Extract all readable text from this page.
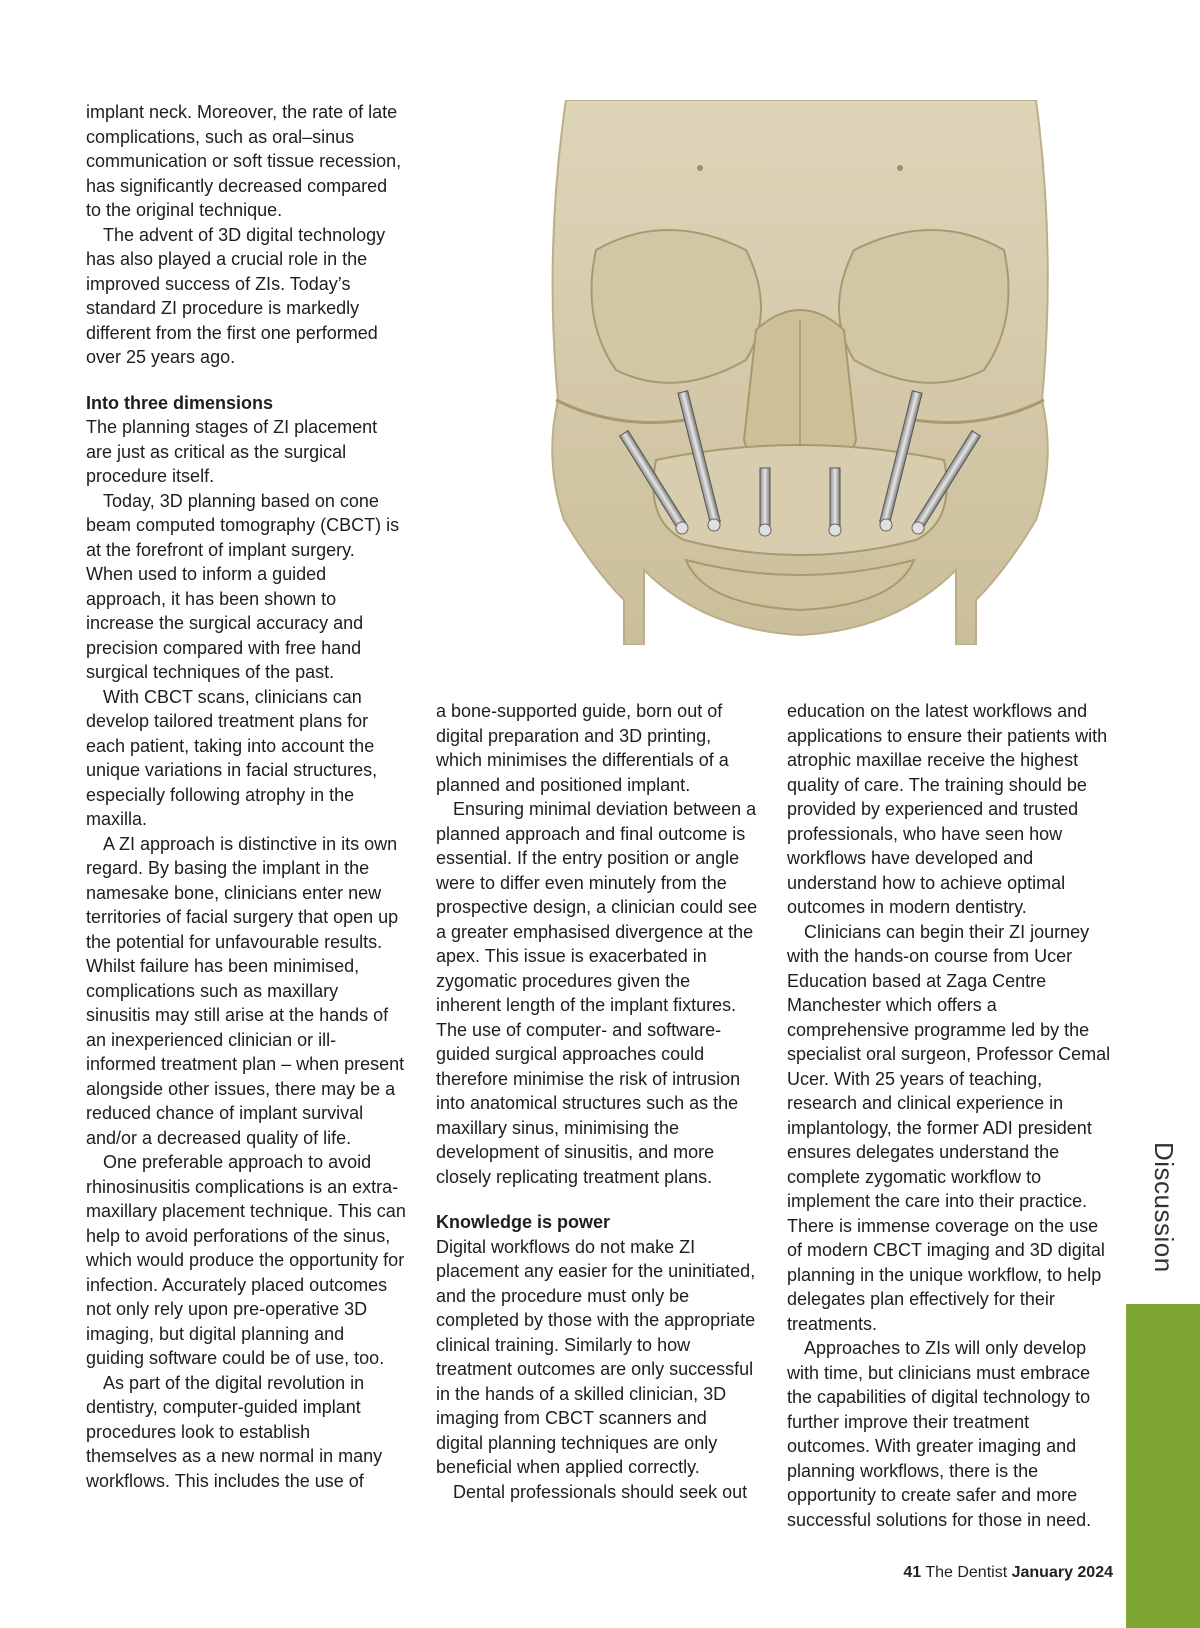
implant neck. Moreover, the rate of late complications, such as oral–sinus communication or soft tissue recession, has significantly decreased compared to the original technique.

The advent of 3D digital technology has also played a crucial role in the improved success of ZIs. Today’s standard ZI procedure is markedly different from the first one performed over 25 years ago.

Into three dimensions

The planning stages of ZI placement are just as critical as the surgical procedure itself.

Today, 3D planning based on cone beam computed tomography (CBCT) is at the forefront of implant surgery. When used to inform a guided approach, it has been shown to increase the surgical accuracy and precision compared with free hand surgical techniques of the past.

With CBCT scans, clinicians can develop tailored treatment plans for each patient, taking into account the unique variations in facial structures, especially following atrophy in the maxilla.

A ZI approach is distinctive in its own regard. By basing the implant in the namesake bone, clinicians enter new territories of facial surgery that open up the potential for unfavourable results. Whilst failure has been minimised, complications such as maxillary sinusitis may still arise at the hands of an inexperienced clinician or ill-informed treatment plan – when present alongside other issues, there may be a reduced chance of implant survival and/or a decreased quality of life.

One preferable approach to avoid rhinosinusitis complications is an extra-maxillary placement technique. This can help to avoid perforations of the sinus, which would produce the opportunity for infection. Accurately placed outcomes not only rely upon pre-operative 3D imaging, but digital planning and guiding software could be of use, too.

As part of the digital revolution in dentistry, computer-guided implant procedures look to establish themselves as a new normal in many workflows. This includes the use of

a bone-supported guide, born out of digital preparation and 3D printing, which minimises the differentials of a planned and positioned implant.

Ensuring minimal deviation between a planned approach and final outcome is essential. If the entry position or angle were to differ even minutely from the prospective design, a clinician could see a greater emphasised divergence at the apex. This issue is exacerbated in zygomatic procedures given the inherent length of the implant fixtures. The use of computer- and software-guided surgical approaches could therefore minimise the risk of intrusion into anatomical structures such as the maxillary sinus, minimising the development of sinusitis, and more closely replicating treatment plans.

Knowledge is power

Digital workflows do not make ZI placement any easier for the uninitiated, and the procedure must only be completed by those with the appropriate clinical training. Similarly to how treatment outcomes are only successful in the hands of a skilled clinician, 3D imaging from CBCT scanners and digital planning techniques are only beneficial when applied correctly.

Dental professionals should seek out

education on the latest workflows and applications to ensure their patients with atrophic maxillae receive the highest quality of care. The training should be provided by experienced and trusted professionals, who have seen how workflows have developed and understand how to achieve optimal outcomes in modern dentistry.

Clinicians can begin their ZI journey with the hands-on course from Ucer Education based at Zaga Centre Manchester which offers a comprehensive programme led by the specialist oral surgeon, Professor Cemal Ucer. With 25 years of teaching, research and clinical experience in implantology, the former ADI president ensures delegates understand the complete zygomatic workflow to implement the care into their practice. There is immense coverage on the use of modern CBCT imaging and 3D digital planning in the unique workflow, to help delegates plan effectively for their treatments.

Approaches to ZIs will only develop with time, but clinicians must embrace the capabilities of digital technology to further improve their treatment outcomes. With greater imaging and planning workflows, there is the opportunity to create safer and more successful solutions for those in need.

Discussion
41 The Dentist January 2024
